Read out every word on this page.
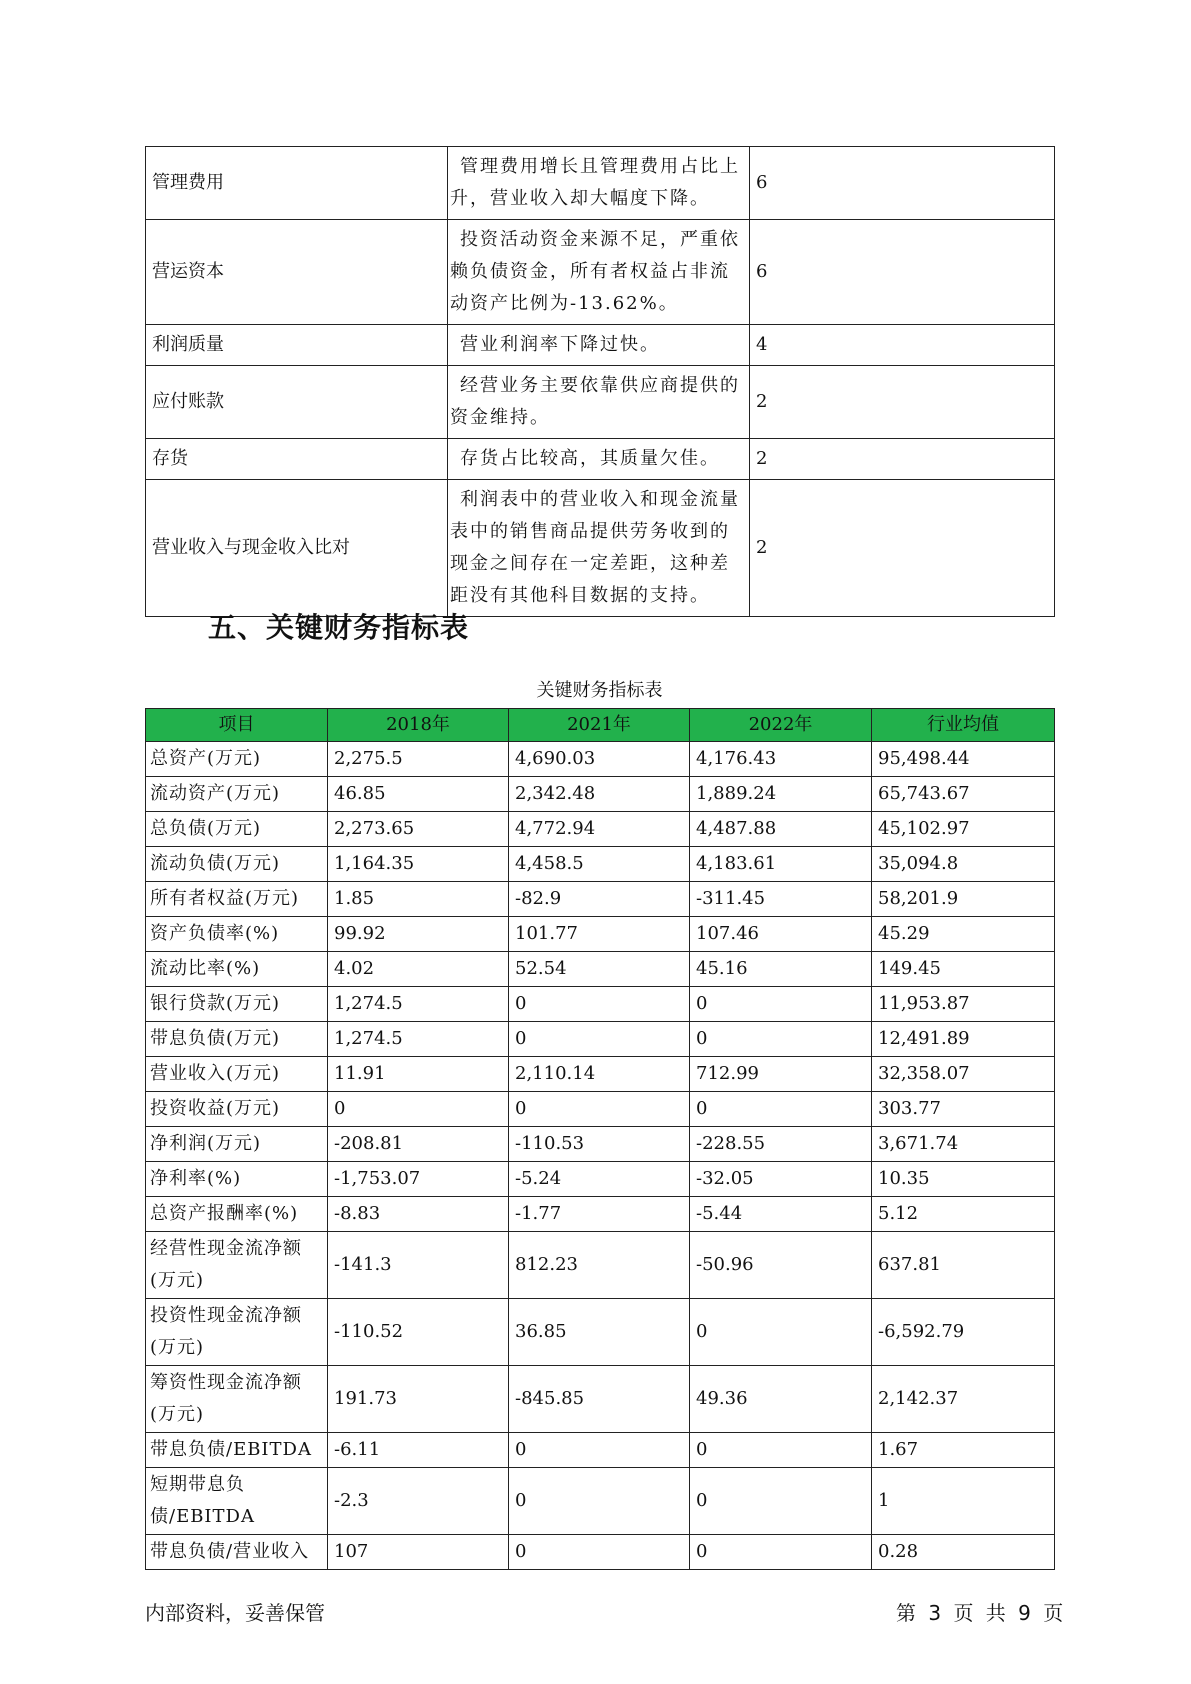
管理费用	管理费用增长且管理费用占比上升，营业收入却大幅度下降。	6
营运资本	投资活动资金来源不足，严重依赖负债资金，所有者权益占非流动资产比例为-13.62%。	6
利润质量	营业利润率下降过快。	4
应付账款	经营业务主要依靠供应商提供的资金维持。	2
存货	存货占比较高，其质量欠佳。	2
营业收入与现金收入比对	利润表中的营业收入和现金流量表中的销售商品提供劳务收到的现金之间存在一定差距，这种差距没有其他科目数据的支持。	2
五、关键财务指标表
关键财务指标表
项目	2018年	2021年	2022年	行业均值
总资产(万元)	2,275.5	4,690.03	4,176.43	95,498.44
流动资产(万元)	46.85	2,342.48	1,889.24	65,743.67
总负债(万元)	2,273.65	4,772.94	4,487.88	45,102.97
流动负债(万元)	1,164.35	4,458.5	4,183.61	35,094.8
所有者权益(万元)	1.85	-82.9	-311.45	58,201.9
资产负债率(%)	99.92	101.77	107.46	45.29
流动比率(%)	4.02	52.54	45.16	149.45
银行贷款(万元)	1,274.5	0	0	11,953.87
带息负债(万元)	1,274.5	0	0	12,491.89
营业收入(万元)	11.91	2,110.14	712.99	32,358.07
投资收益(万元)	0	0	0	303.77
净利润(万元)	-208.81	-110.53	-228.55	3,671.74
净利率(%)	-1,753.07	-5.24	-32.05	10.35
总资产报酬率(%)	-8.83	-1.77	-5.44	5.12
经营性现金流净额(万元)	-141.3	812.23	-50.96	637.81
投资性现金流净额(万元)	-110.52	36.85	0	-6,592.79
筹资性现金流净额(万元)	191.73	-845.85	49.36	2,142.37
带息负债/EBITDA	-6.11	0	0	1.67
短期带息负债/EBITDA	-2.3	0	0	1
带息负债/营业收入	107	0	0	0.28
内部资料，妥善保管	第 3 页 共 9 页
